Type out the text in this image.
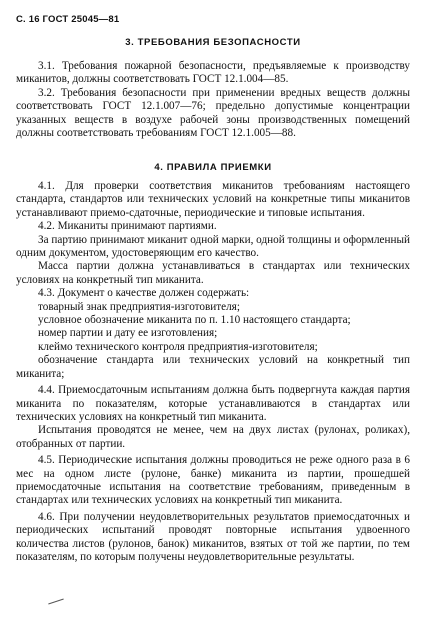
С. 16 ГОСТ 25045—81
3. ТРЕБОВАНИЯ БЕЗОПАСНОСТИ

3.1. Требования пожарной безопасности, предъявляемые к производству миканитов, должны соответствовать ГОСТ 12.1.004—85.

3.2. Требования безопасности при применении вредных веществ должны соответствовать ГОСТ 12.1.007—76; предельно допустимые концентрации указанных веществ в воздухе рабочей зоны производственных помещений должны соответствовать требованиям ГОСТ 12.1.005—88.

4. ПРАВИЛА ПРИЕМКИ

4.1. Для проверки соответствия миканитов требованиям настоящего стандарта, стандартов или технических условий на конкретные типы миканитов устанавливают приемо-сдаточные, периодические и типовые испытания.

4.2. Миканиты принимают партиями.

За партию принимают миканит одной марки, одной толщины и оформленный одним документом, удостоверяющим его качество.

Масса партии должна устанавливаться в стандартах или технических условиях на конкретный тип миканита.

4.3. Документ о качестве должен содержать:

товарный знак предприятия-изготовителя;

условное обозначение миканита по п. 1.10 настоящего стандарта;

номер партии и дату ее изготовления;

клеймо технического контроля предприятия-изготовителя;

обозначение стандарта или технических условий на конкретный тип миканита;

4.4. Приемосдаточным испытаниям должна быть подвергнута каждая партия миканита по показателям, которые устанавливаются в стандартах или технических условиях на конкретный тип миканита.

Испытания проводятся не менее, чем на двух листах (рулонах, роликах), отобранных от партии.

4.5. Периодические испытания должны проводиться не реже одного раза в 6 мес на одном листе (рулоне, банке) миканита из партии, прошедшей приемосдаточные испытания на соответствие требованиям, приведенным в стандартах или технических условиях на конкретный тип миканита.

4.6. При получении неудовлетворительных результатов приемосдаточных и периодических испытаний проводят повторные испытания удвоенного количества листов (рулонов, банок) миканитов, взятых от той же партии, по тем показателям, по которым получены неудовлетворительные результаты.
